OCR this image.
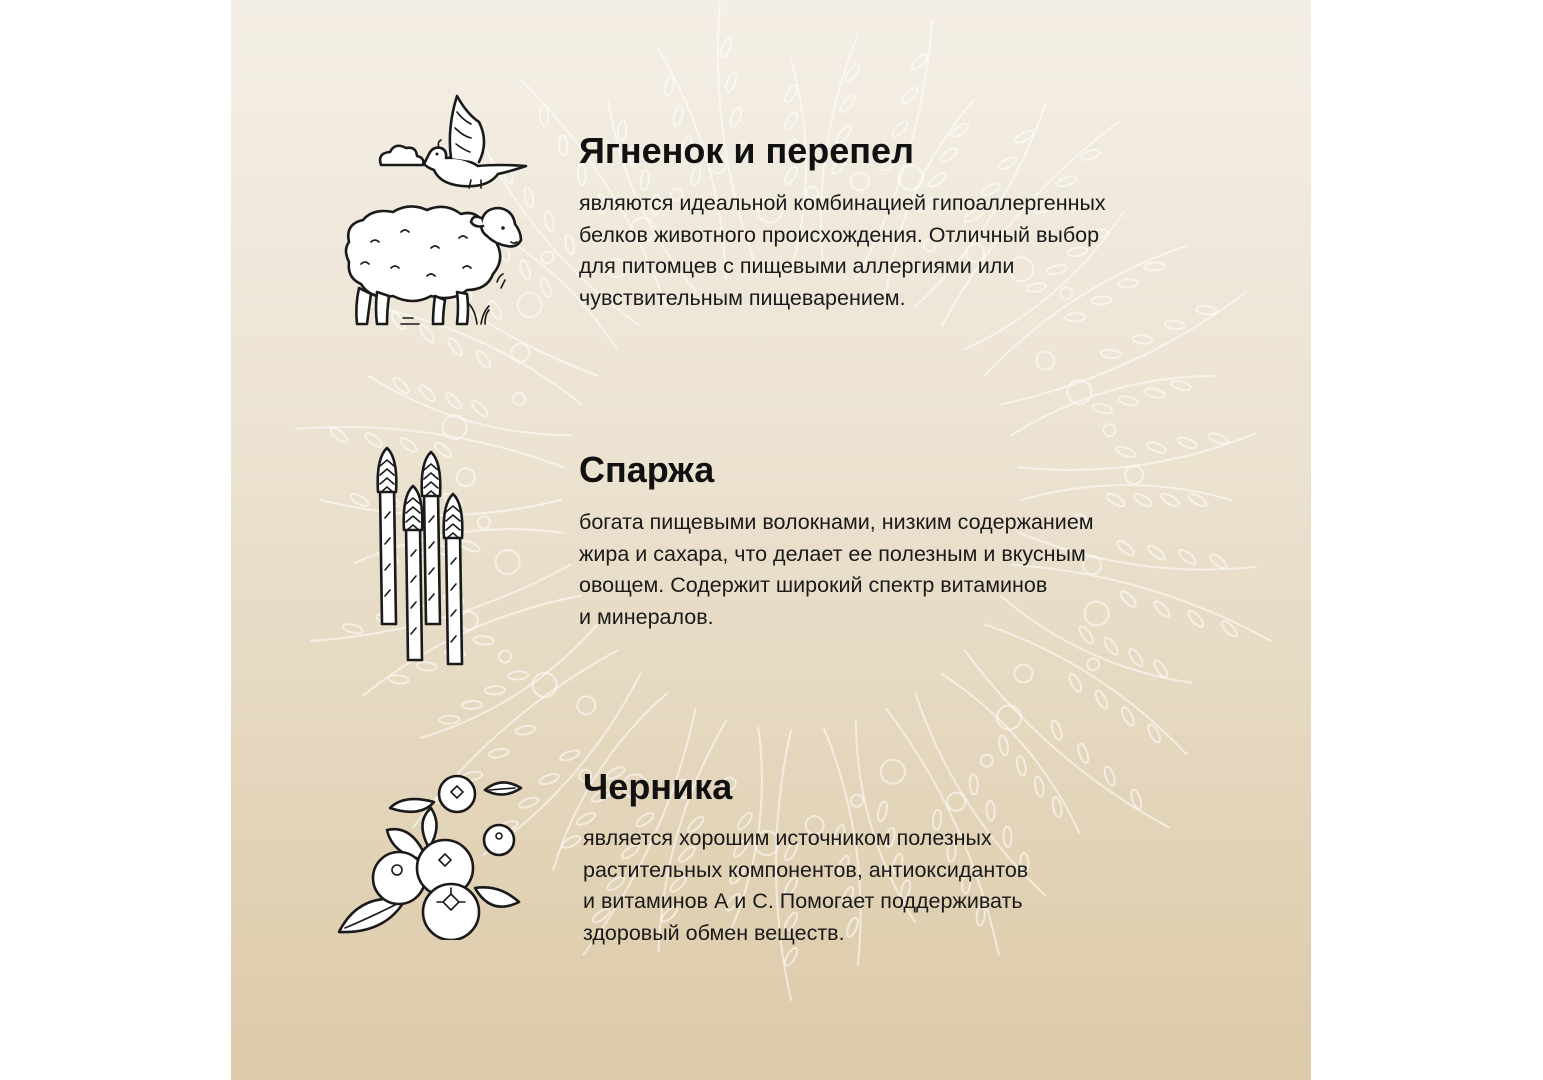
Ягненок и перепел

являются идеальной комбинацией гипоаллергенных
белков животного происхождения. Отличный выбор
для питомцев с пищевыми аллергиями или
чувствительным пищеварением.

Спаржа

богата пищевыми волокнами, низким содержанием
жира и сахара, что делает ее полезным и вкусным
овощем. Содержит широкий спектр витаминов
и минералов.

Черника

является хорошим источником полезных
растительных компонентов, антиоксидантов
и витаминов А и С. Помогает поддерживать
здоровый обмен веществ.
